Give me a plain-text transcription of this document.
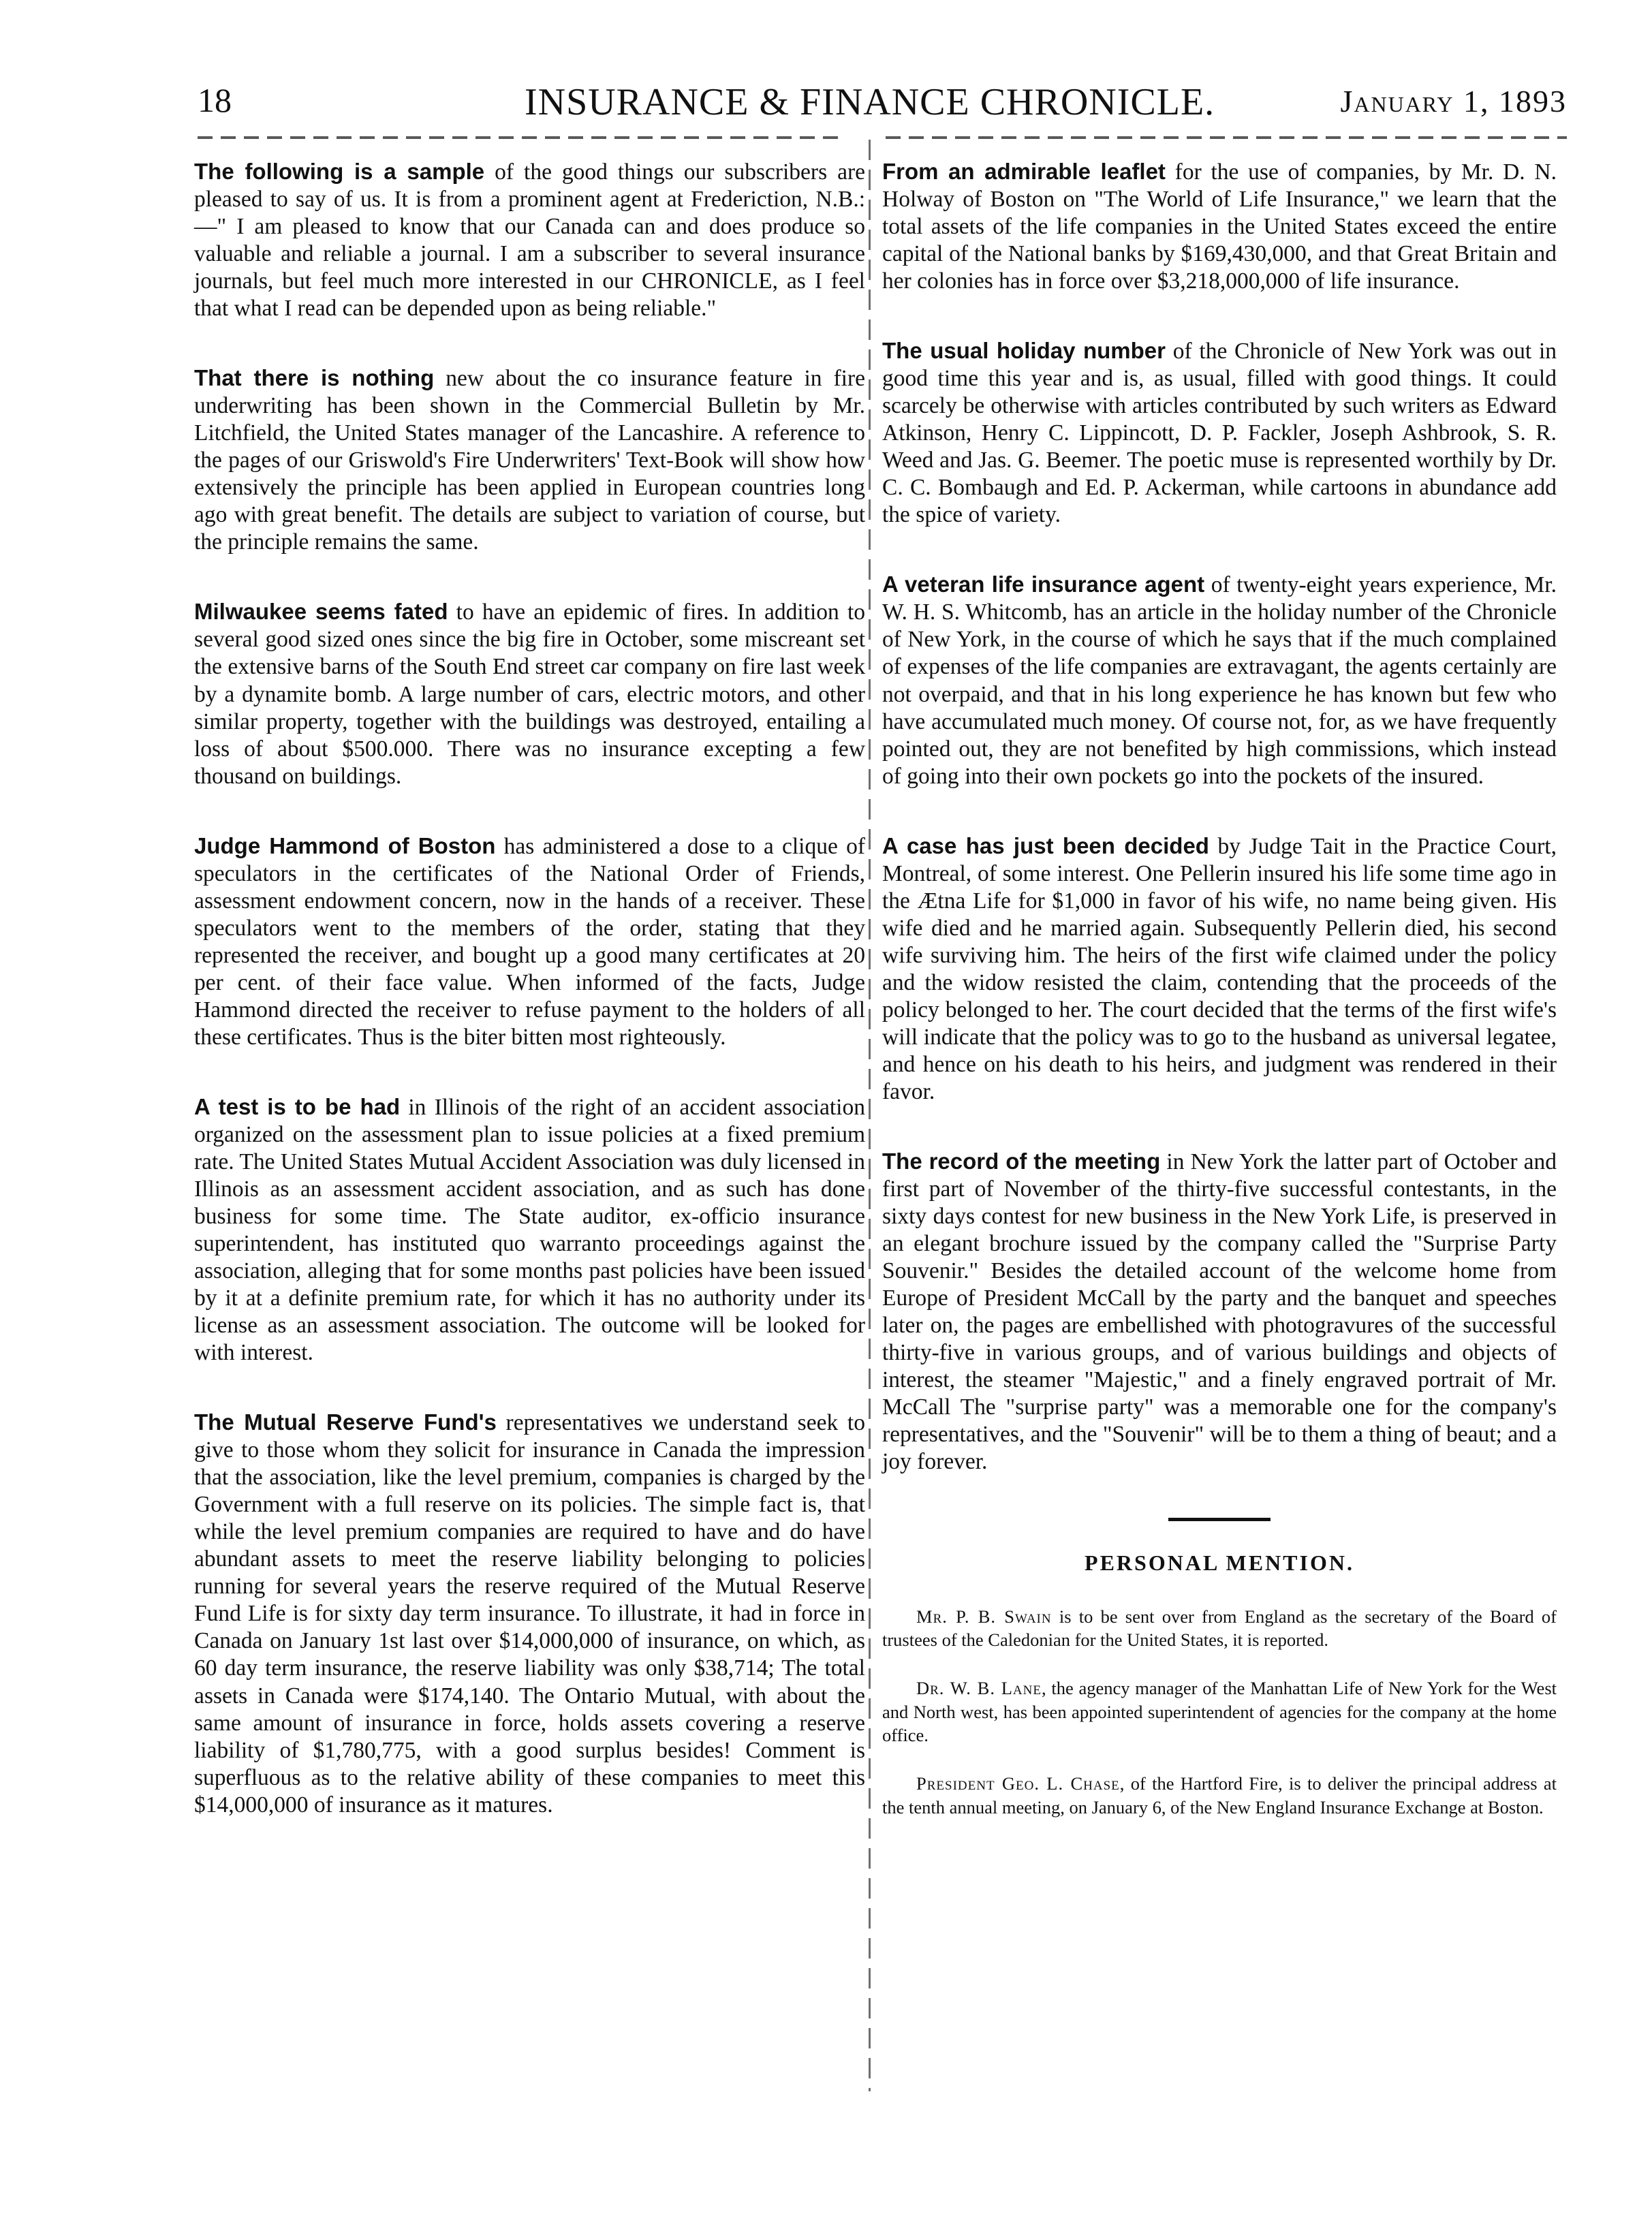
18	INSURANCE & FINANCE CHRONICLE.	January 1, 1893

The following is a sample of the good things our subscribers are pleased to say of us. It is from a prominent agent at Frederiction, N.B.:—" I am pleased to know that our Canada can and does produce so valuable and reliable a journal. I am a subscriber to several insurance journals, but feel much more interested in our CHRONICLE, as I feel that what I read can be depended upon as being reliable."

That there is nothing new about the co insurance feature in fire underwriting has been shown in the Commercial Bulletin by Mr. Litchfield, the United States manager of the Lancashire. A reference to the pages of our Griswold's Fire Underwriters' Text-Book will show how extensively the principle has been applied in European countries long ago with great benefit. The details are subject to variation of course, but the principle remains the same.

Milwaukee seems fated to have an epidemic of fires. In addition to several good sized ones since the big fire in October, some miscreant set the extensive barns of the South End street car company on fire last week by a dynamite bomb. A large number of cars, electric motors, and other similar property, together with the buildings was destroyed, entailing a loss of about $500.000. There was no insurance excepting a few thousand on buildings.

Judge Hammond of Boston has administered a dose to a clique of speculators in the certificates of the National Order of Friends, assessment endowment concern, now in the hands of a receiver. These speculators went to the members of the order, stating that they represented the receiver, and bought up a good many certificates at 20 per cent. of their face value. When informed of the facts, Judge Hammond directed the receiver to refuse payment to the holders of all these certificates. Thus is the biter bitten most righteously.

A test is to be had in Illinois of the right of an accident association organized on the assessment plan to issue policies at a fixed premium rate. The United States Mutual Accident Association was duly licensed in Illinois as an assessment accident association, and as such has done business for some time. The State auditor, ex-officio insurance superintendent, has instituted quo warranto proceedings against the association, alleging that for some months past policies have been issued by it at a definite premium rate, for which it has no authority under its license as an assessment association. The outcome will be looked for with interest.

The Mutual Reserve Fund's representatives we understand seek to give to those whom they solicit for insurance in Canada the impression that the association, like the level premium, companies is charged by the Government with a full reserve on its policies. The simple fact is, that while the level premium companies are required to have and do have abundant assets to meet the reserve liability belonging to policies running for several years the reserve required of the Mutual Reserve Fund Life is for sixty day term insurance. To illustrate, it had in force in Canada on January 1st last over $14,000,000 of insurance, on which, as 60 day term insurance, the reserve liability was only $38,714; The total assets in Canada were $174,140. The Ontario Mutual, with about the same amount of insurance in force, holds assets covering a reserve liability of $1,780,775, with a good surplus besides! Comment is superfluous as to the relative ability of these companies to meet this $14,000,000 of insurance as it matures.

From an admirable leaflet for the use of companies, by Mr. D. N. Holway of Boston on "The World of Life Insurance," we learn that the total assets of the life companies in the United States exceed the entire capital of the National banks by $169,430,000, and that Great Britain and her colonies has in force over $3,218,000,000 of life insurance.

The usual holiday number of the Chronicle of New York was out in good time this year and is, as usual, filled with good things. It could scarcely be otherwise with articles contributed by such writers as Edward Atkinson, Henry C. Lippincott, D. P. Fackler, Joseph Ashbrook, S. R. Weed and Jas. G. Beemer. The poetic muse is represented worthily by Dr. C. C. Bombaugh and Ed. P. Ackerman, while cartoons in abundance add the spice of variety.

A veteran life insurance agent of twenty-eight years experience, Mr. W. H. S. Whitcomb, has an article in the holiday number of the Chronicle of New York, in the course of which he says that if the much complained of expenses of the life companies are extravagant, the agents certainly are not overpaid, and that in his long experience he has known but few who have accumulated much money. Of course not, for, as we have frequently pointed out, they are not benefited by high commissions, which instead of going into their own pockets go into the pockets of the insured.

A case has just been decided by Judge Tait in the Practice Court, Montreal, of some interest. One Pellerin insured his life some time ago in the Ætna Life for $1,000 in favor of his wife, no name being given. His wife died and he married again. Subsequently Pellerin died, his second wife surviving him. The heirs of the first wife claimed under the policy and the widow resisted the claim, contending that the proceeds of the policy belonged to her. The court decided that the terms of the first wife's will indicate that the policy was to go to the husband as universal legatee, and hence on his death to his heirs, and judgment was rendered in their favor.

The record of the meeting in New York the latter part of October and first part of November of the thirty-five successful contestants, in the sixty days contest for new business in the New York Life, is preserved in an elegant brochure issued by the company called the "Surprise Party Souvenir." Besides the detailed account of the welcome home from Europe of President McCall by the party and the banquet and speeches later on, the pages are embellished with photogravures of the successful thirty-five in various groups, and of various buildings and objects of interest, the steamer "Majestic," and a finely engraved portrait of Mr. McCall The "surprise party" was a memorable one for the company's representatives, and the "Souvenir" will be to them a thing of beaut; and a joy forever.

PERSONAL MENTION.

Mr. P. B. Swain is to be sent over from England as the secretary of the Board of trustees of the Caledonian for the United States, it is reported.

Dr. W. B. Lane, the agency manager of the Manhattan Life of New York for the West and North west, has been appointed superintendent of agencies for the company at the home office.

President Geo. L. Chase, of the Hartford Fire, is to deliver the principal address at the tenth annual meeting, on January 6, of the New England Insurance Exchange at Boston.
